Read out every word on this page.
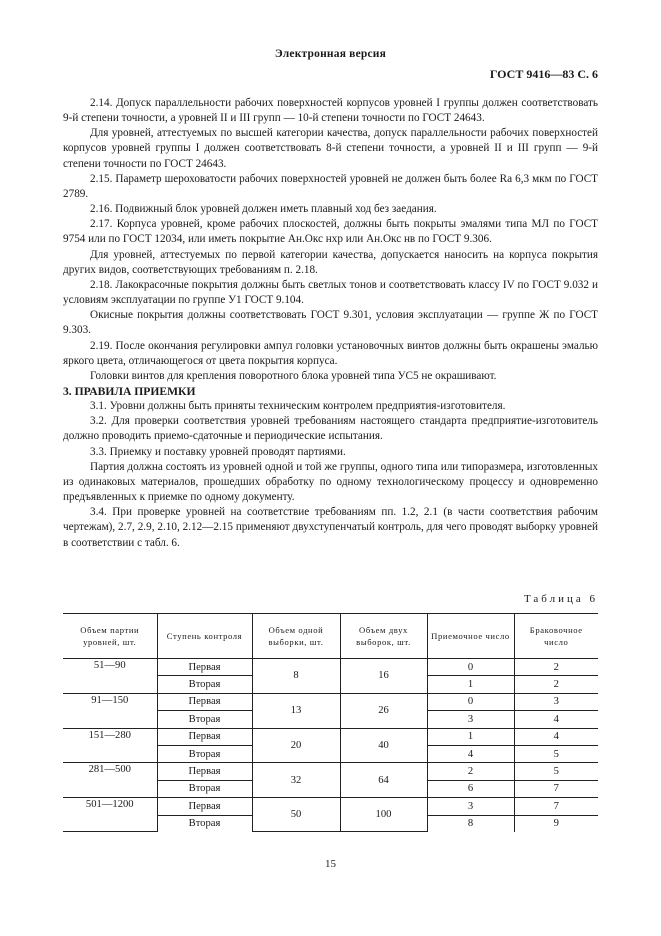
Электронная версия
ГОСТ 9416—83 С. 6

2.14. Допуск параллельности рабочих поверхностей корпусов уровней I группы должен соответствовать 9-й степени точности, а уровней II и III групп — 10-й степени точности по ГОСТ 24643.

Для уровней, аттестуемых по высшей категории качества, допуск параллельности рабочих поверхностей корпусов уровней группы I должен соответствовать 8-й степени точности, а уровней II и III групп — 9-й степени точности по ГОСТ 24643.

2.15. Параметр шероховатости рабочих поверхностей уровней не должен быть более Ra 6,3 мкм по ГОСТ 2789.

2.16. Подвижный блок уровней должен иметь плавный ход без заедания.

2.17. Корпуса уровней, кроме рабочих плоскостей, должны быть покрыты эмалями типа МЛ по ГОСТ 9754 или по ГОСТ 12034, или иметь покрытие Ан.Окс нхр или Ан.Окс нв по ГОСТ 9.306.

Для уровней, аттестуемых по первой категории качества, допускается наносить на корпуса покрытия других видов, соответствующих требованиям п. 2.18.

2.18. Лакокрасочные покрытия должны быть светлых тонов и соответствовать классу IV по ГОСТ 9.032 и условиям эксплуатации по группе У1 ГОСТ 9.104.

Окисные покрытия должны соответствовать ГОСТ 9.301, условия эксплуатации — группе Ж по ГОСТ 9.303.

2.19. После окончания регулировки ампул головки установочных винтов должны быть окрашены эмалью яркого цвета, отличающегося от цвета покрытия корпуса.

Головки винтов для крепления поворотного блока уровней типа УС5 не окрашивают.

3. ПРАВИЛА ПРИЕМКИ

3.1. Уровни должны быть приняты техническим контролем предприятия-изготовителя.

3.2. Для проверки соответствия уровней требованиям настоящего стандарта предприятие-изготовитель должно проводить приемо-сдаточные и периодические испытания.

3.3. Приемку и поставку уровней проводят партиями.

Партия должна состоять из уровней одной и той же группы, одного типа или типоразмера, изготовленных из одинаковых материалов, прошедших обработку по одному технологическому процессу и одновременно предъявленных к приемке по одному документу.

3.4. При проверке уровней на соответствие требованиям пп. 1.2, 2.1 (в части соответствия рабочим чертежам), 2.7, 2.9, 2.10, 2.12—2.15 применяют двухступенчатый контроль, для чего проводят выборку уровней в соответствии с табл. 6.

Таблица 6
Объем партии уровней, шт.	Ступень контроля	Объем одной выборки, шт.	Объем двух выборок, шт.	Приемочное число	Браковочное число
51—90	Первая	8	16	0	2
	Вторая			1	2
91—150	Первая	13	26	0	3
	Вторая			3	4
151—280	Первая	20	40	1	4
	Вторая			4	5
281—500	Первая	32	64	2	5
	Вторая			6	7
501—1200	Первая	50	100	3	7
	Вторая			8	9
15
